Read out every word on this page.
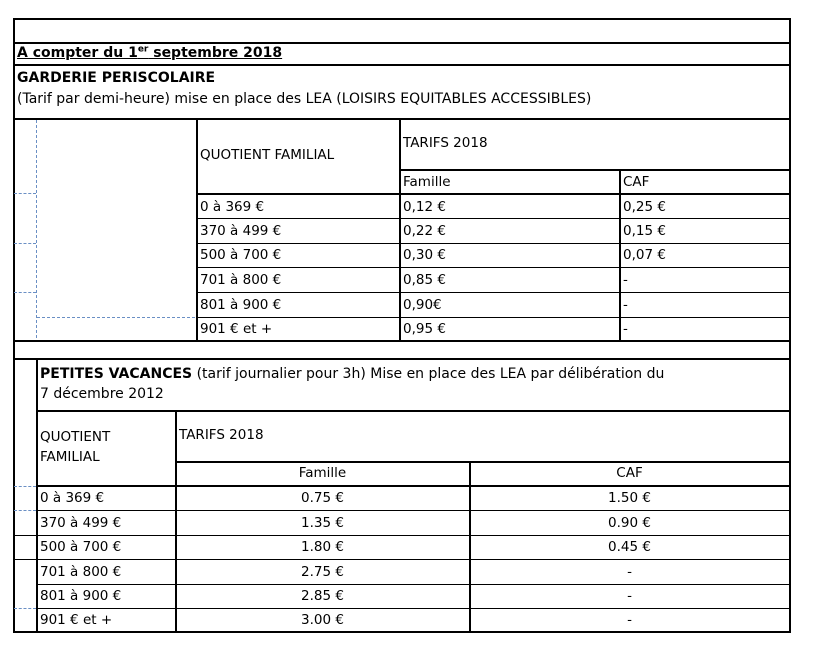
A compter du 1er septembre 2018
GARDERIE PERISCOLAIRE
(Tarif par demi-heure) mise en place des LEA (LOISIRS EQUITABLES ACCESSIBLES)
QUOTIENT FAMILIAL
TARIFS 2018
Famille	CAF
0 à 369 €	0,12 €	0,25 €
370 à 499 €	0,22 €	0,15 €
500 à 700 €	0,30 €	0,07 €
701 à 800 €	0,85 €	-
801 à 900 €	0,90€	-
901 € et +	0,95 €	-
PETITES VACANCES (tarif journalier pour 3h) Mise en place des LEA par délibération du
7 décembre 2012
QUOTIENT
FAMILIAL
TARIFS 2018
Famille	CAF
0 à 369 €	0.75 €	1.50 €
370 à 499 €	1.35 €	0.90 €
500 à 700 €	1.80 €	0.45 €
701 à 800 €	2.75 €	-
801 à 900 €	2.85 €	-
901 € et +	3.00 €	-
